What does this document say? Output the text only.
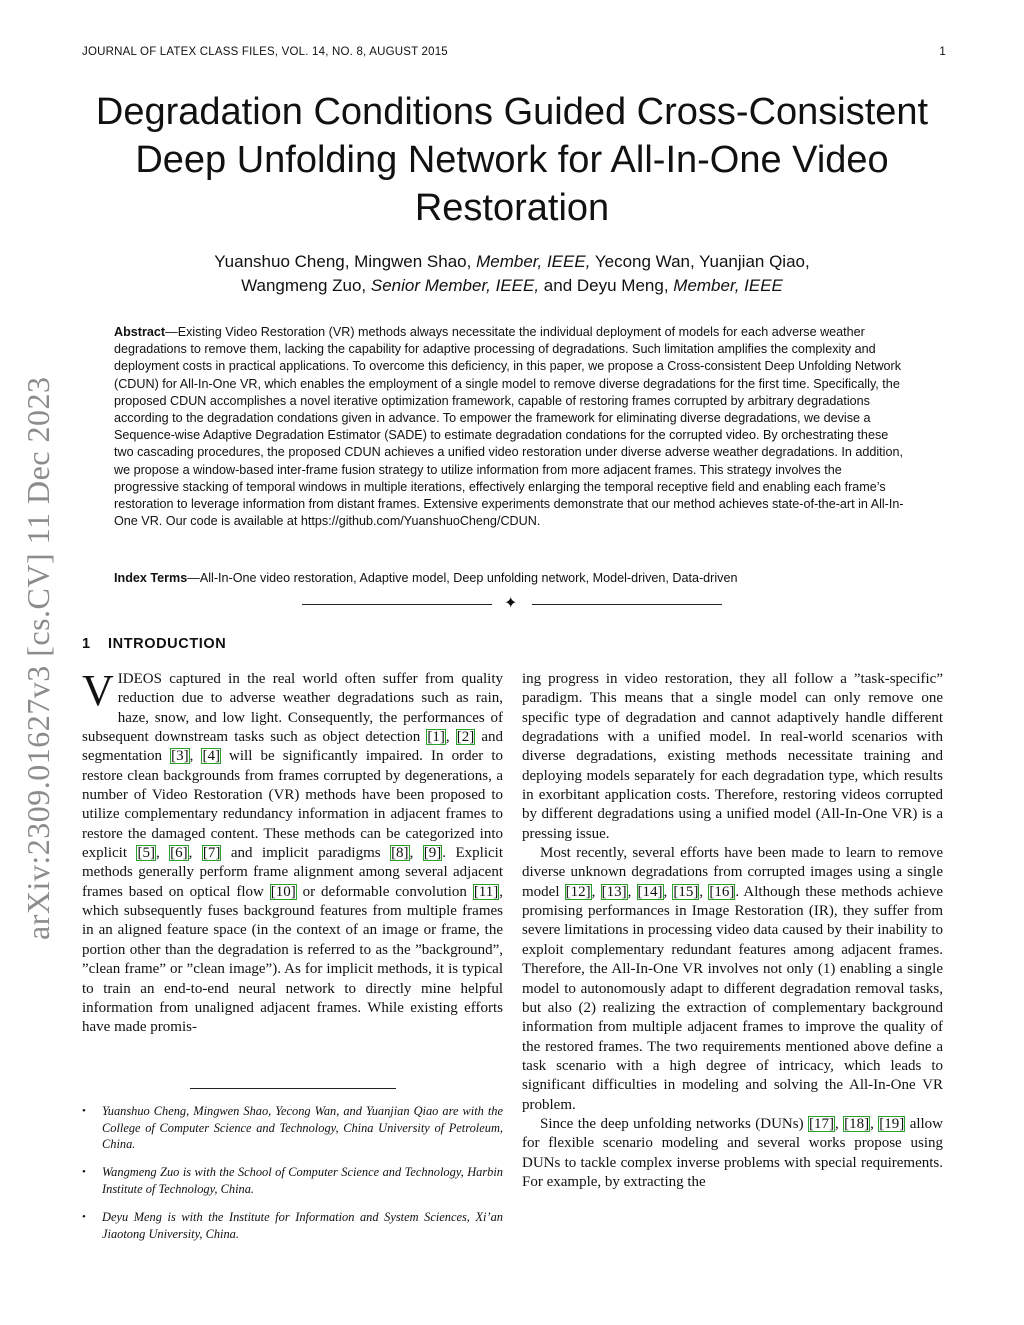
JOURNAL OF LATEX CLASS FILES, VOL. 14, NO. 8, AUGUST 2015	1
Degradation Conditions Guided Cross-Consistent Deep Unfolding Network for All-In-One Video Restoration
Yuanshuo Cheng, Mingwen Shao, Member, IEEE, Yecong Wan, Yuanjian Qiao,
Wangmeng Zuo, Senior Member, IEEE, and Deyu Meng, Member, IEEE

Abstract—Existing Video Restoration (VR) methods always necessitate the individual deployment of models for each adverse weather degradations to remove them, lacking the capability for adaptive processing of degradations. Such limitation amplifies the complexity and deployment costs in practical applications. To overcome this deficiency, in this paper, we propose a Cross-consistent Deep Unfolding Network (CDUN) for All-In-One VR, which enables the employment of a single model to remove diverse degradations for the first time. Specifically, the proposed CDUN accomplishes a novel iterative optimization framework, capable of restoring frames corrupted by arbitrary degradations according to the degradation condations given in advance. To empower the framework for eliminating diverse degradations, we devise a Sequence-wise Adaptive Degradation Estimator (SADE) to estimate degradation condations for the corrupted video. By orchestrating these two cascading procedures, the proposed CDUN achieves a unified video restoration under diverse adverse weather degradations. In addition, we propose a window-based inter-frame fusion strategy to utilize information from more adjacent frames. This strategy involves the progressive stacking of temporal windows in multiple iterations, effectively enlarging the temporal receptive field and enabling each frame’s restoration to leverage information from distant frames. Extensive experiments demonstrate that our method achieves state-of-the-art in All-In-One VR. Our code is available at https://github.com/YuanshuoCheng/CDUN.

Index Terms—All-In-One video restoration, Adaptive model, Deep unfolding network, Model-driven, Data-driven

✦
arXiv:2309.01627v3 [cs.CV] 11 Dec 2023 1 INTRODUCTION

VIDEOS captured in the real world often suffer from quality reduction due to adverse weather degradations such as rain, haze, snow, and low light. Consequently, the performances of subsequent downstream tasks such as object detection [1], [2] and segmentation [3], [4] will be significantly impaired. In order to restore clean backgrounds from frames corrupted by degenerations, a number of Video Restoration (VR) methods have been proposed to utilize complementary redundancy information in adjacent frames to restore the damaged content. These methods can be categorized into explicit [5], [6], [7] and implicit paradigms [8], [9]. Explicit methods generally perform frame alignment among several adjacent frames based on optical flow [10] or deformable convolution [11], which subsequently fuses background features from multiple frames in an aligned feature space (in the context of an image or frame, the portion other than the degradation is referred to as the ”background”, ”clean frame” or ”clean image”). As for implicit methods, it is typical to train an end-to-end neural network to directly mine helpful information from unaligned adjacent frames. While existing efforts have made promis-

• Yuanshuo Cheng, Mingwen Shao, Yecong Wan, and Yuanjian Qiao are with the College of Computer Science and Technology, China University of Petroleum, China.

• Wangmeng Zuo is with the School of Computer Science and Technology, Harbin Institute of Technology, China.

• Deyu Meng is with the Institute for Information and System Sciences, Xi’an Jiaotong University, China.

ing progress in video restoration, they all follow a ”task-specific” paradigm. This means that a single model can only remove one specific type of degradation and cannot adaptively handle different degradations with a unified model. In real-world scenarios with diverse degradations, existing methods necessitate training and deploying models separately for each degradation type, which results in exorbitant application costs. Therefore, restoring videos corrupted by different degradations using a unified model (All-In-One VR) is a pressing issue.

Most recently, several efforts have been made to learn to remove diverse unknown degradations from corrupted images using a single model [12], [13], [14], [15], [16]. Although these methods achieve promising performances in Image Restoration (IR), they suffer from severe limitations in processing video data caused by their inability to exploit complementary redundant features among adjacent frames. Therefore, the All-In-One VR involves not only (1) enabling a single model to autonomously adapt to different degradation removal tasks, but also (2) realizing the extraction of complementary background information from multiple adjacent frames to improve the quality of the restored frames. The two requirements mentioned above define a task scenario with a high degree of intricacy, which leads to significant difficulties in modeling and solving the All-In-One VR problem.

Since the deep unfolding networks (DUNs) [17], [18], [19] allow for flexible scenario modeling and several works propose using DUNs to tackle complex inverse problems with special requirements. For example, by extracting the
